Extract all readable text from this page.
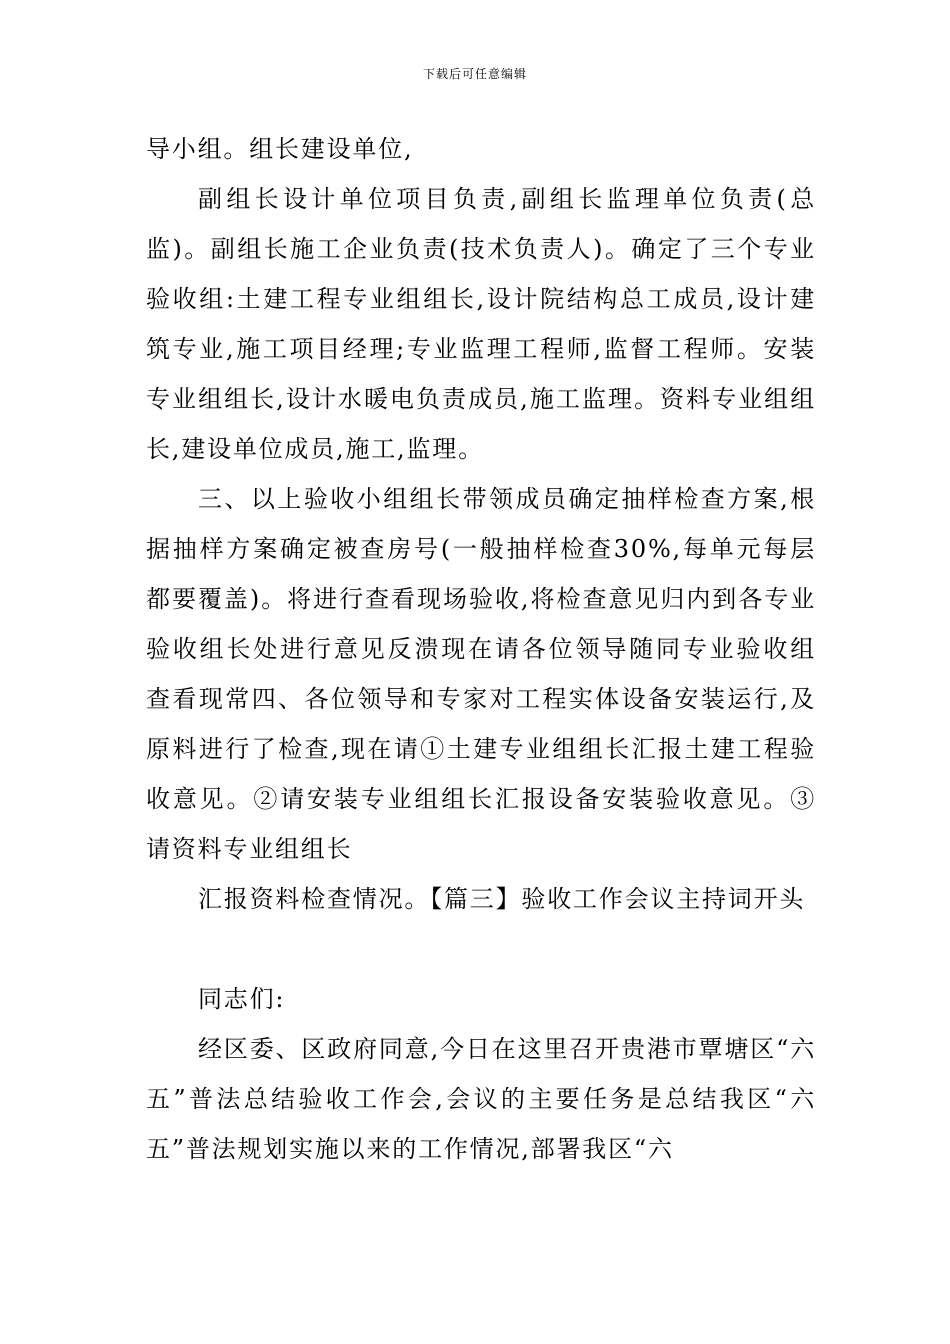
下载后可任意编辑

导小组。组长建设单位,

副组长设计单位项目负责,副组长监理单位负责(总监)。副组长施工企业负责(技术负责人)。确定了三个专业验收组:土建工程专业组组长,设计院结构总工成员,设计建筑专业,施工项目经理;专业监理工程师,监督工程师。安装专业组组长,设计水暖电负责成员,施工监理。资料专业组组长,建设单位成员,施工,监理。

三、以上验收小组组长带领成员确定抽样检查方案,根据抽样方案确定被查房号(一般抽样检查30%,每单元每层都要覆盖)。将进行查看现场验收,将检查意见归内到各专业验收组长处进行意见反溃现在请各位领导随同专业验收组查看现常四、各位领导和专家对工程实体设备安装运行,及原料进行了检查,现在请①土建专业组组长汇报土建工程验收意见。②请安装专业组组长汇报设备安装验收意见。③请资料专业组组长

汇报资料检查情况。【篇三】验收工作会议主持词开头

同志们:

经区委、区政府同意,今日在这里召开贵港市覃塘区“六五”普法总结验收工作会,会议的主要任务是总结我区“六五”普法规划实施以来的工作情况,部署我区“六
